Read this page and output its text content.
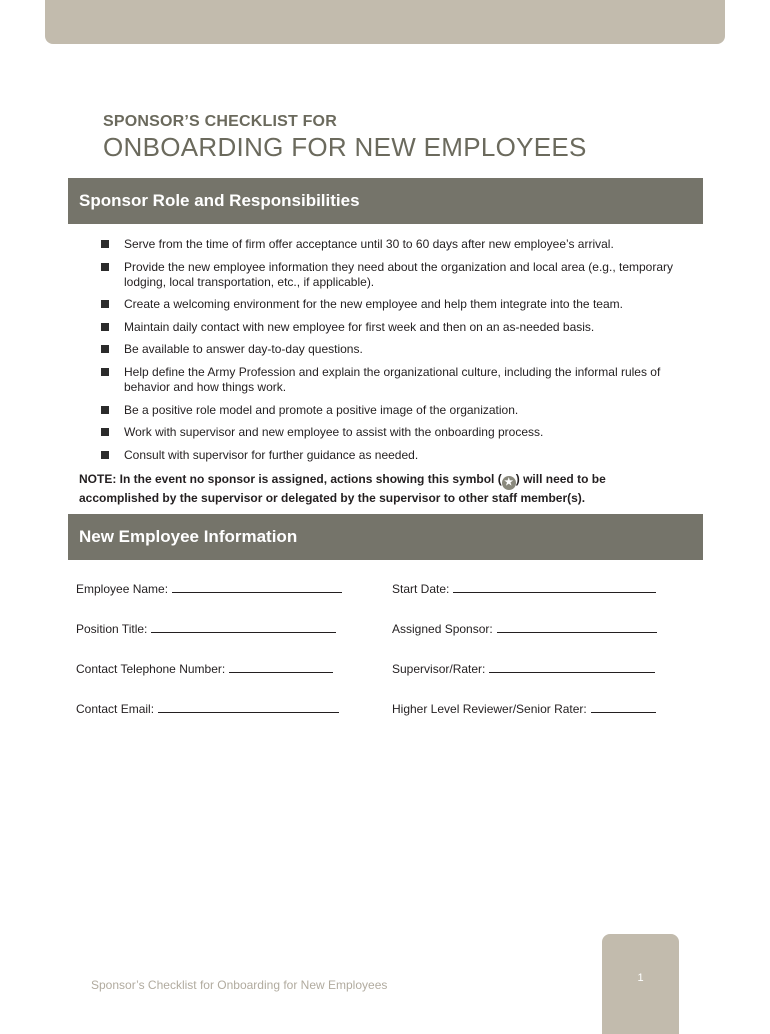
SPONSOR’S CHECKLIST FOR
ONBOARDING FOR NEW EMPLOYEES
Sponsor Role and Responsibilities
Serve from the time of firm offer acceptance until 30 to 60 days after new employee’s arrival.
Provide the new employee information they need about the organization and local area (e.g., temporary lodging, local transportation, etc., if applicable).
Create a welcoming environment for the new employee and help them integrate into the team.
Maintain daily contact with new employee for first week and then on an as-needed basis.
Be available to answer day-to-day questions.
Help define the Army Profession and explain the organizational culture, including the informal rules of behavior and how things work.
Be a positive role model and promote a positive image of the organization.
Work with supervisor and new employee to assist with the onboarding process.
Consult with supervisor for further guidance as needed.
NOTE: In the event no sponsor is assigned, actions showing this symbol ( ★ ) will need to be accomplished by the supervisor or delegated by the supervisor to other staff member(s).
New Employee Information
Employee Name:	Start Date:
Position Title:	Assigned Sponsor:
Contact Telephone Number:	Supervisor/Rater:
Contact Email:	Higher Level Reviewer/Senior Rater:
Sponsor’s Checklist for Onboarding for New Employees	1
